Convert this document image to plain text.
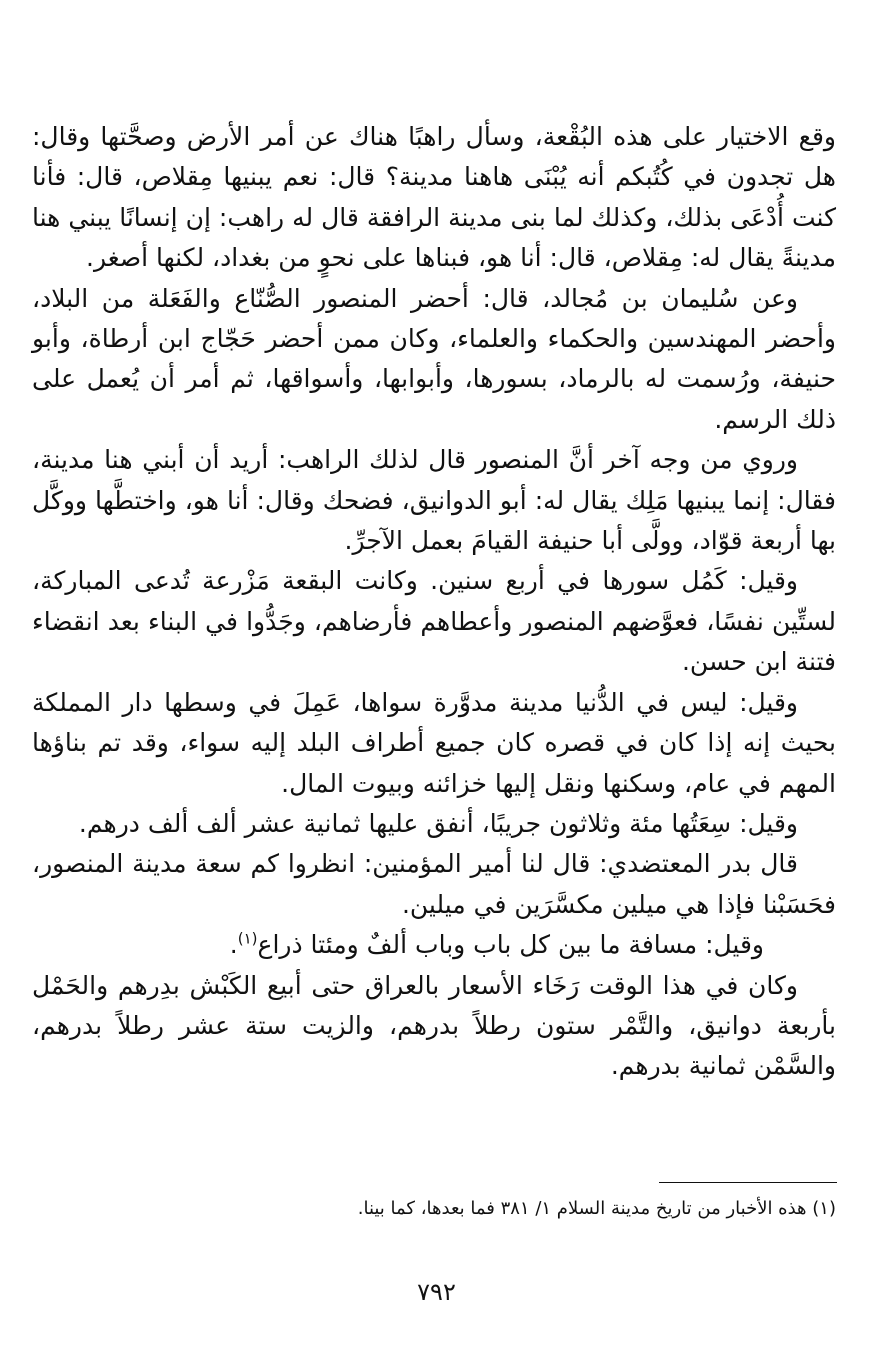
وقع الاختيار على هذه البُقْعة، وسأل راهبًا هناك عن أمر الأرض وصحَّتها وقال: هل تجدون في كُتُبكم أنه يُبْنَى هاهنا مدينة؟ قال: نعم يبنيها مِقلاص، قال: فأنا كنت أُدْعَى بذلك، وكذلك لما بنى مدينة الرافقة قال له راهب: إن إنسانًا يبني هنا مدينةً يقال له: مِقلاص، قال: أنا هو، فبناها على نحوٍ من بغداد، لكنها أصغر.

وعن سُليمان بن مُجالد، قال: أحضر المنصور الصُّنّاع والفَعَلة من البلاد، وأحضر المهندسين والحكماء والعلماء، وكان ممن أحضر حَجّاج ابن أرطاة، وأبو حنيفة، ورُسمت له بالرماد، بسورها، وأبوابها، وأسواقها، ثم أمر أن يُعمل على ذلك الرسم.

وروي من وجه آخر أنَّ المنصور قال لذلك الراهب: أريد أن أبني هنا مدينة، فقال: إنما يبنيها مَلِك يقال له: أبو الدوانيق، فضحك وقال: أنا هو، واختطَّها ووكَّل بها أربعة قوّاد، وولَّى أبا حنيفة القيامَ بعمل الآجرِّ.

وقيل: كَمُل سورها في أربع سنين. وكانت البقعة مَزْرعة تُدعى المباركة، لستِّين نفسًا، فعوَّضهم المنصور وأعطاهم فأرضاهم، وجَدُّوا في البناء بعد انقضاء فتنة ابن حسن.

وقيل: ليس في الدُّنيا مدينة مدوَّرة سواها، عَمِلَ في وسطها دار المملكة بحيث إنه إذا كان في قصره كان جميع أطراف البلد إليه سواء، وقد تم بناؤها المهم في عام، وسكنها ونقل إليها خزائنه وبيوت المال.

وقيل: سِعَتُها مئة وثلاثون جريبًا، أنفق عليها ثمانية عشر ألف ألف درهم.

قال بدر المعتضدي: قال لنا أمير المؤمنين: انظروا كم سعة مدينة المنصور، فحَسَبْنا فإذا هي ميلين مكسَّرَين في ميلين.

وقيل: مسافة ما بين كل باب وباب ألفٌ ومئتا ذراع$^{(١)}$.

وكان في هذا الوقت رَخَاء الأسعار بالعراق حتى أبيع الكَبْش بدِرهم والحَمْل بأربعة دوانيق، والتَّمْر ستون رطلاً بدرهم، والزيت ستة عشر رطلاً بدرهم، والسَّمْن ثمانية بدرهم.

(١) هذه الأخبار من تاريخ مدينة السلام ١/ ٣٨١ فما بعدها، كما بينا.
٧٩٢
